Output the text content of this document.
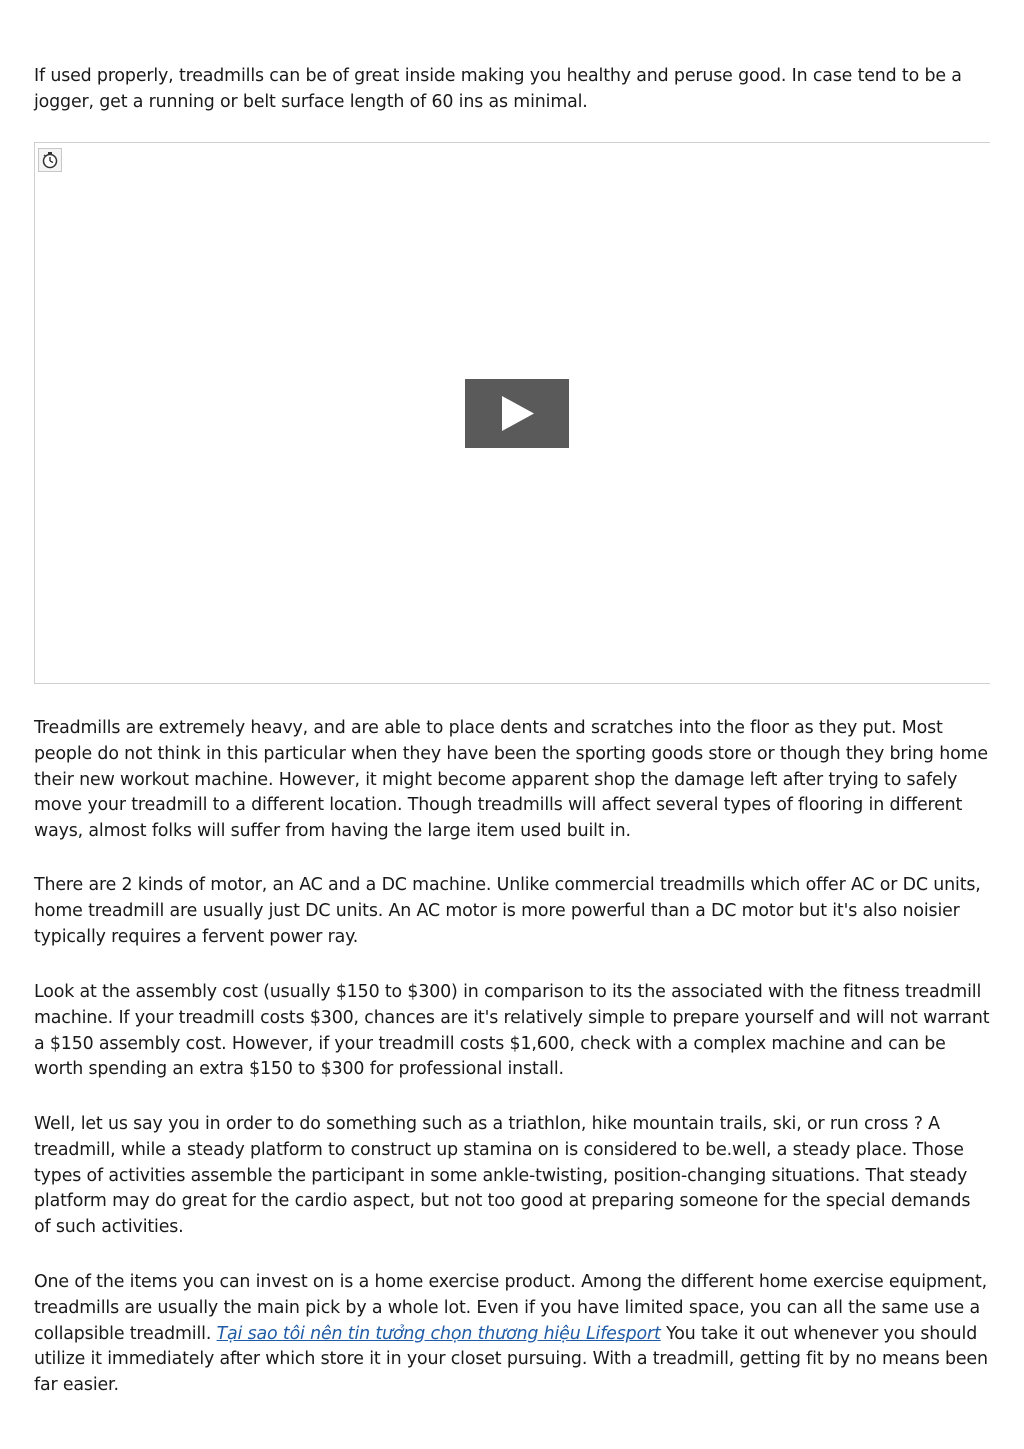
If used properly, treadmills can be of great inside making you healthy and peruse good. In case tend to be a jogger, get a running or belt surface length of 60 ins as minimal.

Treadmills are extremely heavy, and are able to place dents and scratches into the floor as they put. Most people do not think in this particular when they have been the sporting goods store or though they bring home their new workout machine. However, it might become apparent shop the damage left after trying to safely move your treadmill to a different location. Though treadmills will affect several types of flooring in different ways, almost folks will suffer from having the large item used built in.

There are 2 kinds of motor, an AC and a DC machine. Unlike commercial treadmills which offer AC or DC units, home treadmill are usually just DC units. An AC motor is more powerful than a DC motor but it's also noisier typically requires a fervent power ray.

Look at the assembly cost (usually $150 to $300) in comparison to its the associated with the fitness treadmill machine. If your treadmill costs $300, chances are it's relatively simple to prepare yourself and will not warrant a $150 assembly cost. However, if your treadmill costs $1,600, check with a complex machine and can be worth spending an extra $150 to $300 for professional install.

Well, let us say you in order to do something such as a triathlon, hike mountain trails, ski, or run cross ? A treadmill, while a steady platform to construct up stamina on is considered to be.well, a steady place. Those types of activities assemble the participant in some ankle-twisting, position-changing situations. That steady platform may do great for the cardio aspect, but not too good at preparing someone for the special demands of such activities.

One of the items you can invest on is a home exercise product. Among the different home exercise equipment, treadmills are usually the main pick by a whole lot. Even if you have limited space, you can all the same use a collapsible treadmill. Tại sao tôi nên tin tưởng chọn thương hiệu Lifesport You take it out whenever you should utilize it immediately after which store it in your closet pursuing. With a treadmill, getting fit by no means been far easier.
